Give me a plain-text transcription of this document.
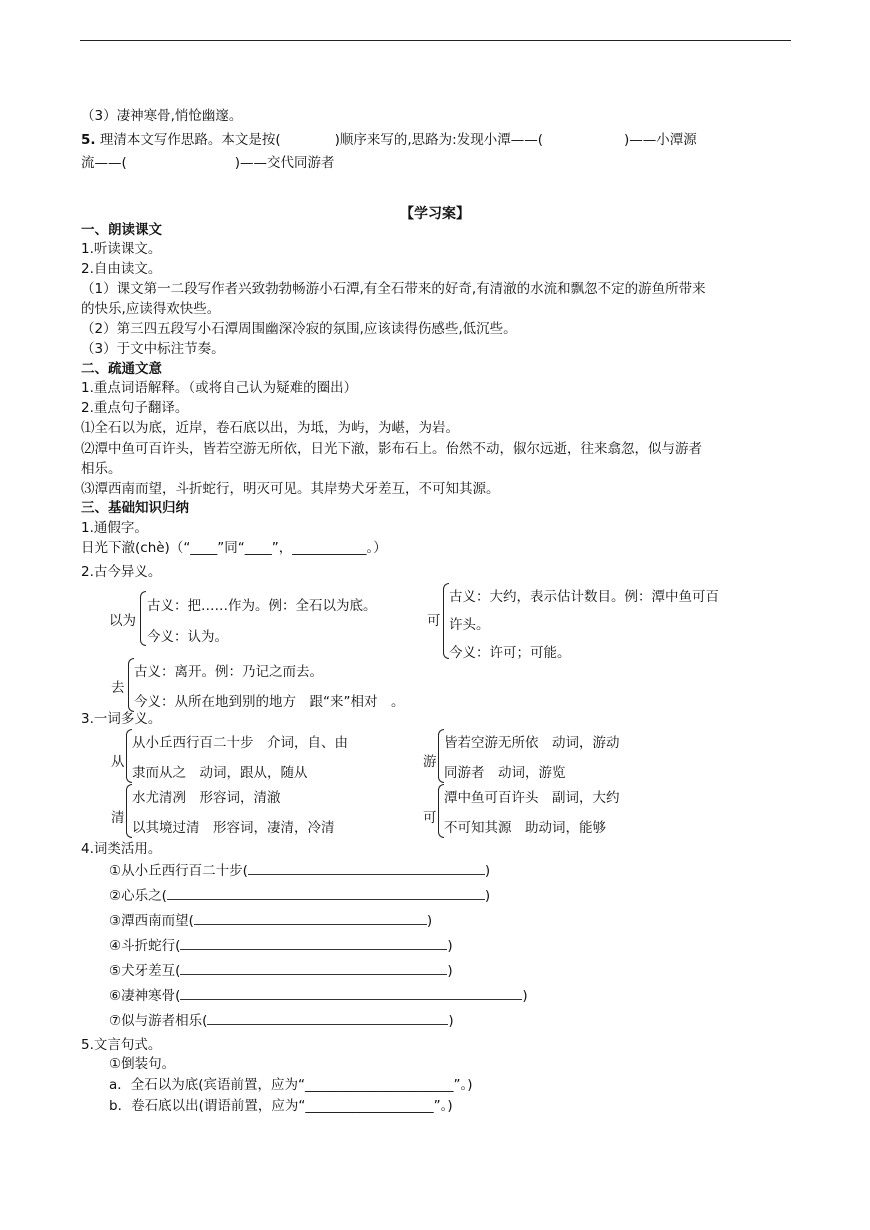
（3）凄神寒骨,悄怆幽邃。
5. 理清本文写作思路。本文是按(　　　　)顺序来写的,思路为:发现小潭——(　　　　　　)——小潭源
流——(　　　　　　　　)——交代同游者
【学习案】
一、朗读课文
1.听读课文。
2.自由读文。
（1）课文第一二段写作者兴致勃勃畅游小石潭,有全石带来的好奇,有清澈的水流和飘忽不定的游鱼所带来
的快乐,应读得欢快些。
（2）第三四五段写小石潭周围幽深冷寂的氛围,应该读得伤感些,低沉些。
（3）于文中标注节奏。
二、疏通文意
1.重点词语解释。（或将自己认为疑难的圈出）
2.重点句子翻译。
⑴全石以为底，近岸，卷石底以出，为坻，为屿，为嵁，为岩。
⑵潭中鱼可百许头，皆若空游无所依，日光下澈，影布石上。佁然不动，俶尔远逝，往来翕忽，似与游者
相乐。
⑶潭西南而望，斗折蛇行，明灭可见。其岸势犬牙差互，不可知其源。
三、基础知识归纳
1.通假字。
日光下澈(chè)（“____”同“____”，___________。）
2.古今异义。
以为
古义：把……作为。例：全石以为底。
今义：认为。
可
古义：大约，表示估计数目。例：潭中鱼可百
许头。
今义：许可；可能。
去
古义：离开。例：乃记之而去。
今义：从所在地到别的地方　跟“来”相对　。
3.一词多义。
从
从小丘西行百二十步　介词，自、由
隶而从之　动词，跟从，随从
游
皆若空游无所依　动词，游动
同游者　动词，游览
清
水尤清冽　形容词，清澈
以其境过清　形容词，凄清，冷清
可
潭中鱼可百许头　副词，大约
不可知其源　助动词，能够
4.词类活用。
①从小丘西行百二十步(	)
②心乐之(	)
③潭西南而望(	)
④斗折蛇行(	)
⑤犬牙差互(	)
⑥凄神寒骨(	)
⑦似与游者相乐(	)
5.文言句式。
①倒装句。
a．全石以为底(宾语前置，应为“______________________”。)
b．卷石底以出(谓语前置，应为“___________________”。)
